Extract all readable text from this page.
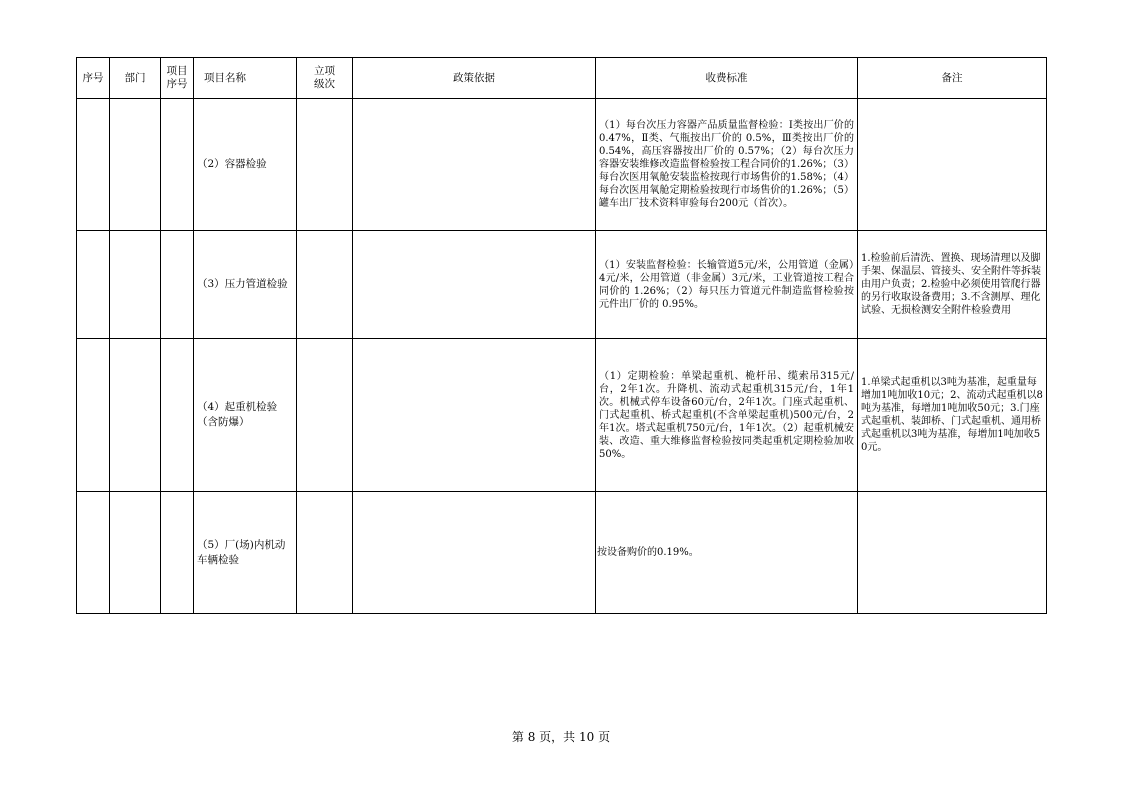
序号	部门	项目序号	项目名称	立项级次	政策依据	收费标准	备注

			（2）容器检验			（1）每台次压力容器产品质量监督检验：Ⅰ类按出厂价的0.47%，Ⅱ类、气瓶按出厂价的 0.5%，Ⅲ类按出厂价的 0.54%，高压容器按出厂价的 0.57%；（2）每台次压力容器安装维修改造监督检验按工程合同价的1.26%；（3）每台次医用氧舱安装监检按现行市场售价的1.58%；（4）每台次医用氧舱定期检验按现行市场售价的1.26%；（5）罐车出厂技术资料审验每台200元（首次）。	

			（3）压力管道检验			（1）安装监督检验：长输管道5元/米，公用管道（金属）4元/米，公用管道（非金属）3元/米，工业管道按工程合同价的 1.26%；（2）每只压力管道元件制造监督检验按元件出厂价的 0.95%。	1.检验前后清洗、置换、现场清理以及脚手架、保温层、管接头、安全附件等拆装由用户负责；2.检验中必须使用管爬行器的另行收取设备费用；3.不含测厚、理化试验、无损检测安全附件检验费用

			（4）起重机检验（含防爆）			（1）定期检验：单梁起重机、桅杆吊、缆索吊315元/台，2年1次。升降机、流动式起重机315元/台，1年1次。机械式停车设备60元/台，2年1次。门座式起重机、门式起重机、桥式起重机(不含单梁起重机)500元/台，2年1次。塔式起重机750元/台，1年1次。（2）起重机械安装、改造、重大维修监督检验按同类起重机定期检验加收50%。	1.单梁式起重机以3吨为基准，起重量每增加1吨加收10元；2、流动式起重机以8吨为基准，每增加1吨加收50元；3.门座式起重机、装卸桥、门式起重机、通用桥式起重机以3吨为基准，每增加1吨加收50元。

			（5）厂(场)内机动车辆检验			按设备购价的0.19%。	

第 8 页，共 10 页
